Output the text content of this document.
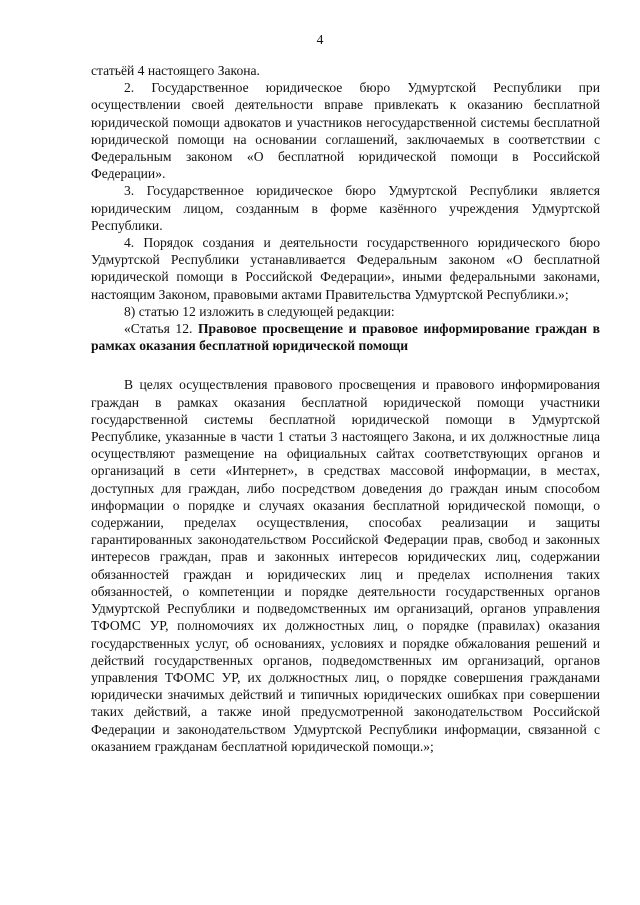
4

статьёй 4 настоящего Закона.

2. Государственное юридическое бюро Удмуртской Республики при осуществлении своей деятельности вправе привлекать к оказанию бесплатной юридической помощи адвокатов и участников негосударственной системы бесплатной юридической помощи на основании соглашений, заключаемых в соответствии с Федеральным законом «О бесплатной юридической помощи в Российской Федерации».

3. Государственное юридическое бюро Удмуртской Республики является юридическим лицом, созданным в форме казённого учреждения Удмуртской Республики.

4. Порядок создания и деятельности государственного юридического бюро Удмуртской Республики устанавливается Федеральным законом «О бесплатной юридической помощи в Российской Федерации», иными федеральными законами, настоящим Законом, правовыми актами Правительства Удмуртской Республики.»;

8) статью 12 изложить в следующей редакции:

«Статья 12. Правовое просвещение и правовое информирование граждан в рамках оказания бесплатной юридической помощи

В целях осуществления правового просвещения и правового информирования граждан в рамках оказания бесплатной юридической помощи участники государственной системы бесплатной юридической помощи в Удмуртской Республике, указанные в части 1 статьи 3 настоящего Закона, и их должностные лица осуществляют размещение на официальных сайтах соответствующих органов и организаций в сети «Интернет», в средствах массовой информации, в местах, доступных для граждан, либо посредством доведения до граждан иным способом информации о порядке и случаях оказания бесплатной юридической помощи, о содержании, пределах осуществления, способах реализации и защиты гарантированных законодательством Российской Федерации прав, свобод и законных интересов граждан, прав и законных интересов юридических лиц, содержании обязанностей граждан и юридических лиц и пределах исполнения таких обязанностей, о компетенции и порядке деятельности государственных органов Удмуртской Республики и подведомственных им организаций, органов управления ТФОМС УР, полномочиях их должностных лиц, о порядке (правилах) оказания государственных услуг, об основаниях, условиях и порядке обжалования решений и действий государственных органов, подведомственных им организаций, органов управления ТФОМС УР, их должностных лиц, о порядке совершения гражданами юридически значимых действий и типичных юридических ошибках при совершении таких действий, а также иной предусмотренной законодательством Российской Федерации и законодательством Удмуртской Республики информации, связанной с оказанием гражданам бесплатной юридической помощи.»;
